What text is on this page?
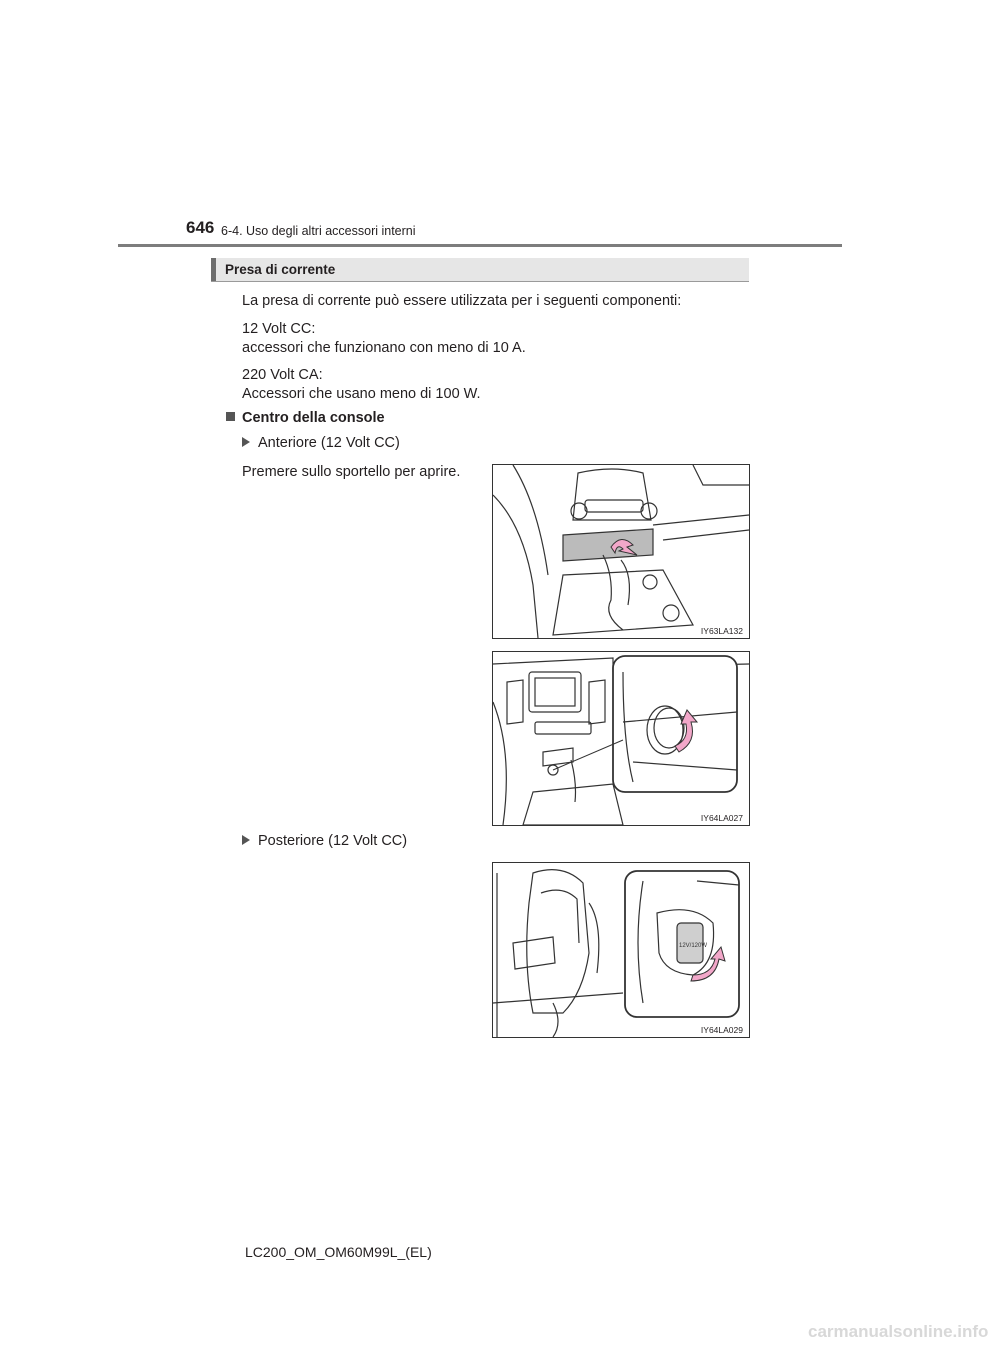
646 6-4. Uso degli altri accessori interni
Presa di corrente
La presa di corrente può essere utilizzata per i seguenti componenti:
12 Volt CC:
accessori che funzionano con meno di 10 A.
220 Volt CA:
Accessori che usano meno di 100 W.
Centro della console
Anteriore (12 Volt CC)
Premere sullo sportello per aprire.
IY63LA132
IY64LA027
Posteriore (12 Volt CC)
12V/120W
IY64LA029
LC200_OM_OM60M99L_(EL)
carmanualsonline.info
